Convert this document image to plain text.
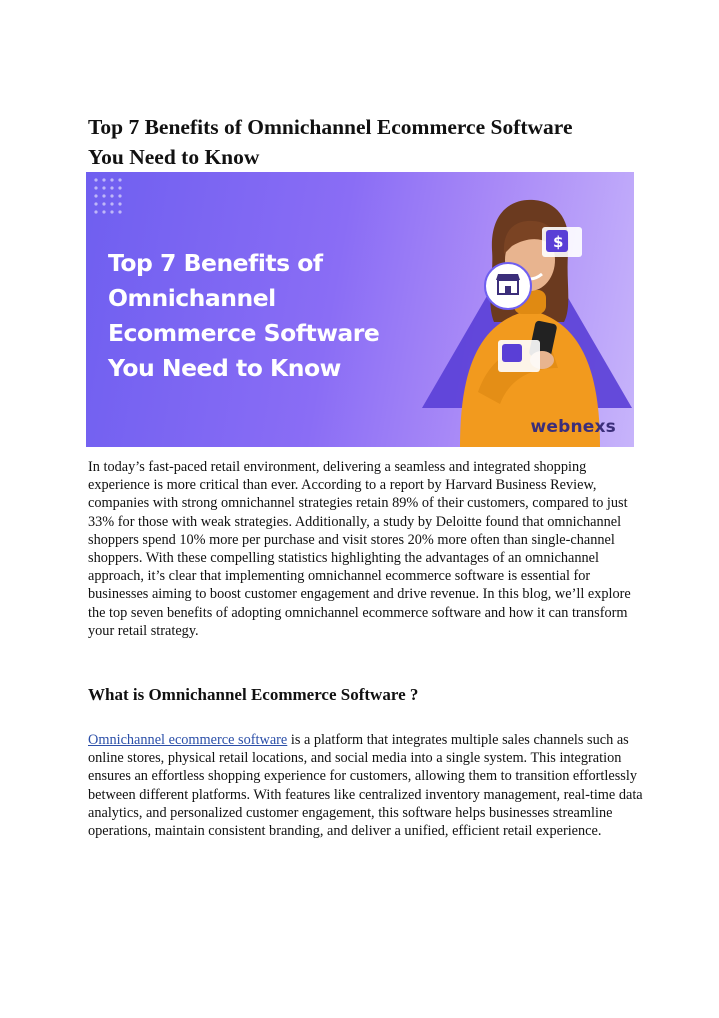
Top 7 Benefits of Omnichannel Ecommerce Software
You Need to Know
Top 7 Benefits of
Omnichannel
Ecommerce Software
You Need to Know
$
webnexs

In today’s fast-paced retail environment, delivering a seamless and integrated shopping experience is more critical than ever. According to a report by Harvard Business Review, companies with strong omnichannel strategies retain 89% of their customers, compared to just 33% for those with weak strategies. Additionally, a study by Deloitte found that omnichannel shoppers spend 10% more per purchase and visit stores 20% more often than single-channel shoppers. With these compelling statistics highlighting the advantages of an omnichannel approach, it’s clear that implementing omnichannel ecommerce software is essential for businesses aiming to boost customer engagement and drive revenue. In this blog, we’ll explore the top seven benefits of adopting omnichannel ecommerce software and how it can transform your retail strategy.

What is Omnichannel Ecommerce Software ?

Omnichannel ecommerce software is a platform that integrates multiple sales channels such as online stores, physical retail locations, and social media into a single system. This integration ensures an effortless shopping experience for customers, allowing them to transition effortlessly between different platforms. With features like centralized inventory management, real-time data analytics, and personalized customer engagement, this software helps businesses streamline operations, maintain consistent branding, and deliver a unified, efficient retail experience.
